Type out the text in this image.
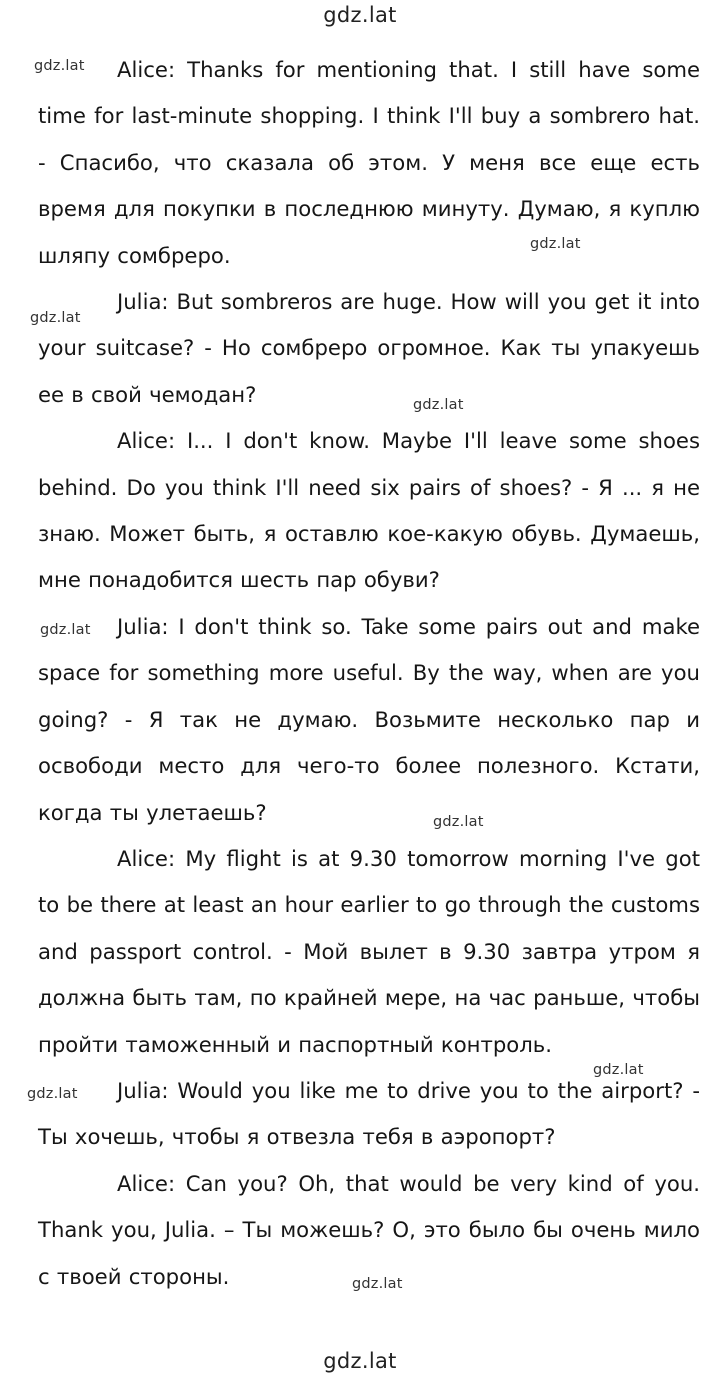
gdz.lat

Alice: Thanks for mentioning that. I still have some time for last-minute shopping. I think I'll buy a sombrero hat. - Спасибо, что сказала об этом. У меня все еще есть время для покупки в последнюю минуту. Думаю, я куплю шляпу сомбреро.

Julia: But sombreros are huge. How will you get it into your suitcase? - Но сомбреро огромное. Как ты упакуешь ее в свой чемодан?

Alice: I... I don't know. Maybe I'll leave some shoes behind. Do you think I'll need six pairs of shoes? - Я ... я не знаю. Может быть, я оставлю кое-какую обувь. Думаешь, мне понадобится шесть пар обуви?

Julia: I don't think so. Take some pairs out and make space for something more useful. By the way, when are you going? - Я так не думаю. Возьмите несколько пар и освободи место для чего-то более полезного. Кстати, когда ты улетаешь?

Alice: My flight is at 9.30 tomorrow morning I've got to be there at least an hour earlier to go through the customs and passport control. - Мой вылет в 9.30 завтра утром я должна быть там, по крайней мере, на час раньше, чтобы пройти таможенный и паспортный контроль.

Julia: Would you like me to drive you to the airport? - Ты хочешь, чтобы я отвезла тебя в аэропорт?

Alice: Can you? Oh, that would be very kind of you. Thank you, Julia. – Ты можешь? О, это было бы очень мило с твоей стороны.

gdz.lat
gdz.lat
gdz.lat
gdz.lat
gdz.lat
gdz.lat
gdz.lat
gdz.lat
gdz.lat
gdz.lat
